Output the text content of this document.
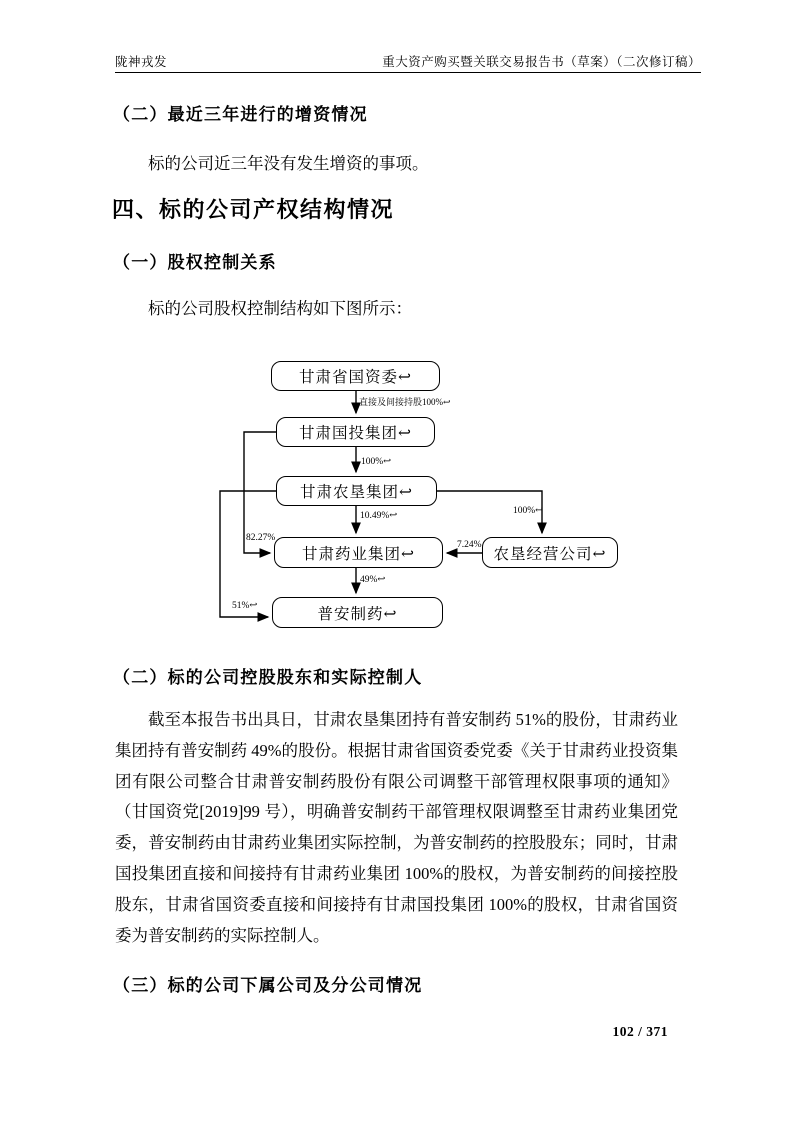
陇神戎发	重大资产购买暨关联交易报告书（草案）（二次修订稿）
（二）最近三年进行的增资情况
标的公司近三年没有发生增资的事项。
四、标的公司产权结构情况
（一）股权控制关系
标的公司股权控制结构如下图所示：
甘肃省国资委↩
甘肃国投集团↩
甘肃农垦集团↩
甘肃药业集团↩
普安制药↩
农垦经营公司↩
直接及间接持股100%↩
100%↩
10.49%↩
49%↩
100%↩
7.24%
82.27%
51%↩
（二）标的公司控股股东和实际控制人
截至本报告书出具日，甘肃农垦集团持有普安制药 51%的股份，甘肃药业集团持有普安制药 49%的股份。根据甘肃省国资委党委《关于甘肃药业投资集团有限公司整合甘肃普安制药股份有限公司调整干部管理权限事项的通知》（甘国资党[2019]99 号），明确普安制药干部管理权限调整至甘肃药业集团党委，普安制药由甘肃药业集团实际控制，为普安制药的控股股东；同时，甘肃国投集团直接和间接持有甘肃药业集团 100%的股权，为普安制药的间接控股股东，甘肃省国资委直接和间接持有甘肃国投集团 100%的股权，甘肃省国资委为普安制药的实际控制人。
（三）标的公司下属公司及分公司情况
102 / 371
